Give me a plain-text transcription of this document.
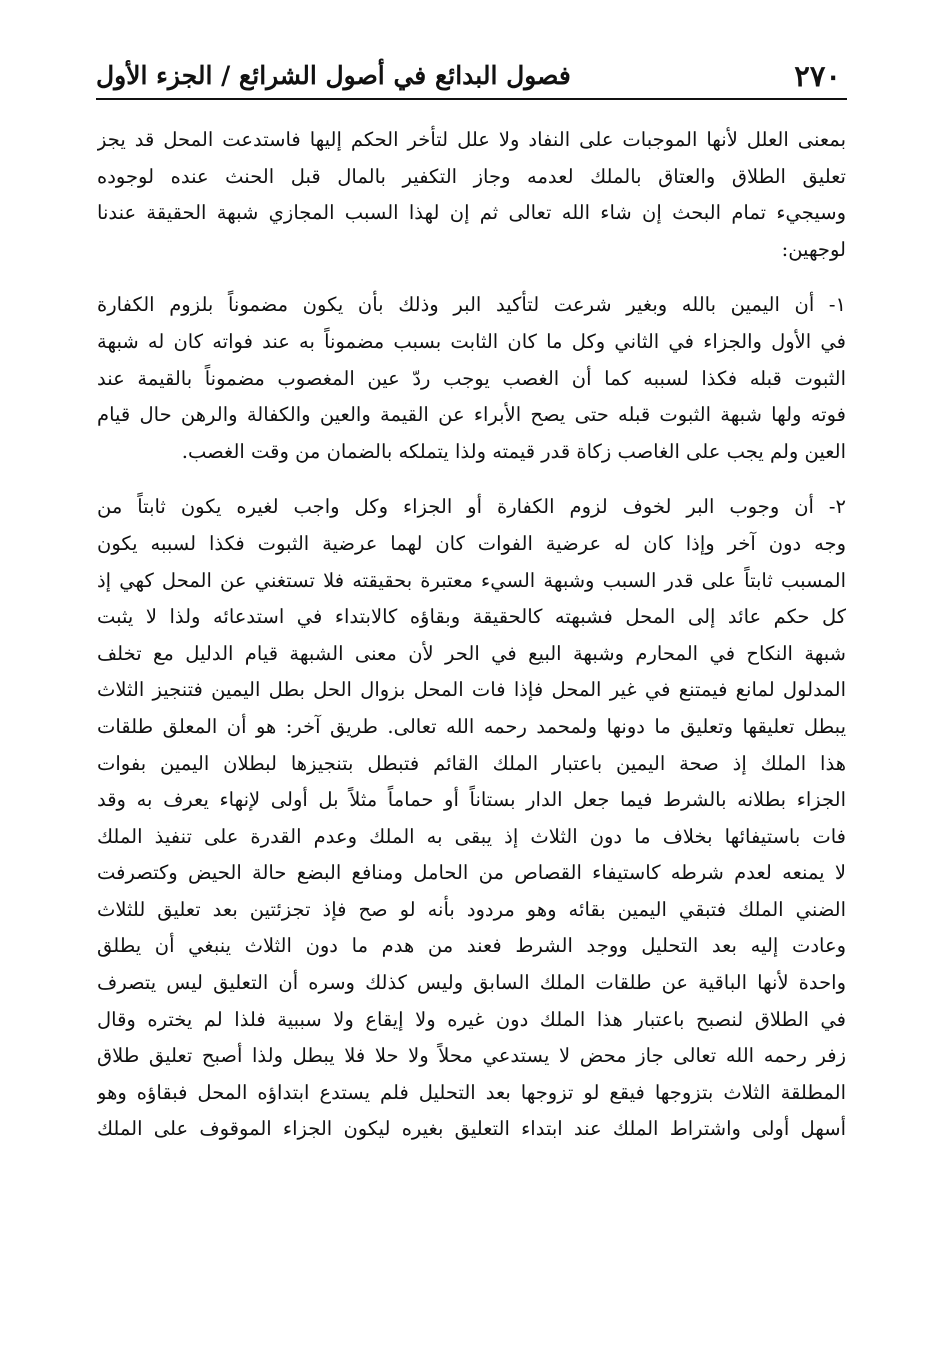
٢٧٠
فصول البدائع في أصول الشرائع / الجزء الأول
بمعنى العلل لأنها الموجبات على النفاد ولا علل لتأخر الحكم إليها فاستدعت المحل قد يجز
تعليق الطلاق والعتاق بالملك لعدمه وجاز التكفير بالمال قبل الحنث عنده لوجوده
وسيجيء تمام البحث إن شاء الله تعالى ثم إن لهذا السبب المجازي شبهة الحقيقة عندنا
لوجهين:
١- أن اليمين بالله وبغير شرعت لتأكيد البر وذلك بأن يكون مضموناً بلزوم الكفارة
في الأول والجزاء في الثاني وكل ما كان الثابت بسبب مضموناً به عند فواته كان له شبهة
الثبوت قبله فكذا لسببه كما أن الغصب يوجب ردّ عين المغصوب مضموناً بالقيمة عند
فوته ولها شبهة الثبوت قبله حتى يصح الأبراء عن القيمة والعين والكفالة والرهن حال قيام
العين ولم يجب على الغاصب زكاة قدر قيمته ولذا يتملكه بالضمان من وقت الغصب.
٢- أن وجوب البر لخوف لزوم الكفارة أو الجزاء وكل واجب لغيره يكون ثابتاً من
وجه دون آخر وإذا كان له عرضية الفوات كان لهما عرضية الثبوت فكذا لسببه يكون
المسبب ثابتاً على قدر السبب وشبهة السيء معتبرة بحقيقته فلا تستغني عن المحل كهي إذ
كل حكم عائد إلى المحل فشبهته كالحقيقة وبقاؤه كالابتداء في استدعائه ولذا لا يثبت
شبهة النكاح في المحارم وشبهة البيع في الحر لأن معنى الشبهة قيام الدليل مع تخلف
المدلول لمانع فيمتنع في غير المحل فإذا فات المحل بزوال الحل بطل اليمين فتنجيز الثلاث
يبطل تعليقها وتعليق ما دونها ولمحمد رحمه الله تعالى. طريق آخر: هو أن المعلق طلقات
هذا الملك إذ صحة اليمين باعتبار الملك القائم فتبطل بتنجيزها لبطلان اليمين بفوات
الجزاء بطلانه بالشرط فيما جعل الدار بستاناً أو حماماً مثلاً بل أولى لإنهاء يعرف به وقد
فات باستيفائها بخلاف ما دون الثلاث إذ يبقى به الملك وعدم القدرة على تنفيذ الملك
لا يمنعه لعدم شرطه كاستيفاء القصاص من الحامل ومنافع البضع حالة الحيض وكتصرفت
الضني الملك فتبقي اليمين بقائه وهو مردود بأنه لو صح فإذ تجزئتين بعد تعليق للثلاث
وعادت إليه بعد التحليل ووجد الشرط فعند من هدم ما دون الثلاث ينبغي أن يطلق
واحدة لأنها الباقية عن طلقات الملك السابق وليس كذلك وسره أن التعليق ليس يتصرف
في الطلاق لنصبح باعتبار هذا الملك دون غيره ولا إيقاع ولا سببية فلذا لم يختره وقال
زفر رحمه الله تعالى جاز محض لا يستدعي محلاً ولا حلا فلا يبطل ولذا أصبح تعليق طلاق
المطلقة الثلاث بتزوجها فيقع لو تزوجها بعد التحليل فلم يستدع ابتداؤه المحل فبقاؤه وهو
أسهل أولى واشتراط الملك عند ابتداء التعليق بغيره ليكون الجزاء الموقوف على الملك
